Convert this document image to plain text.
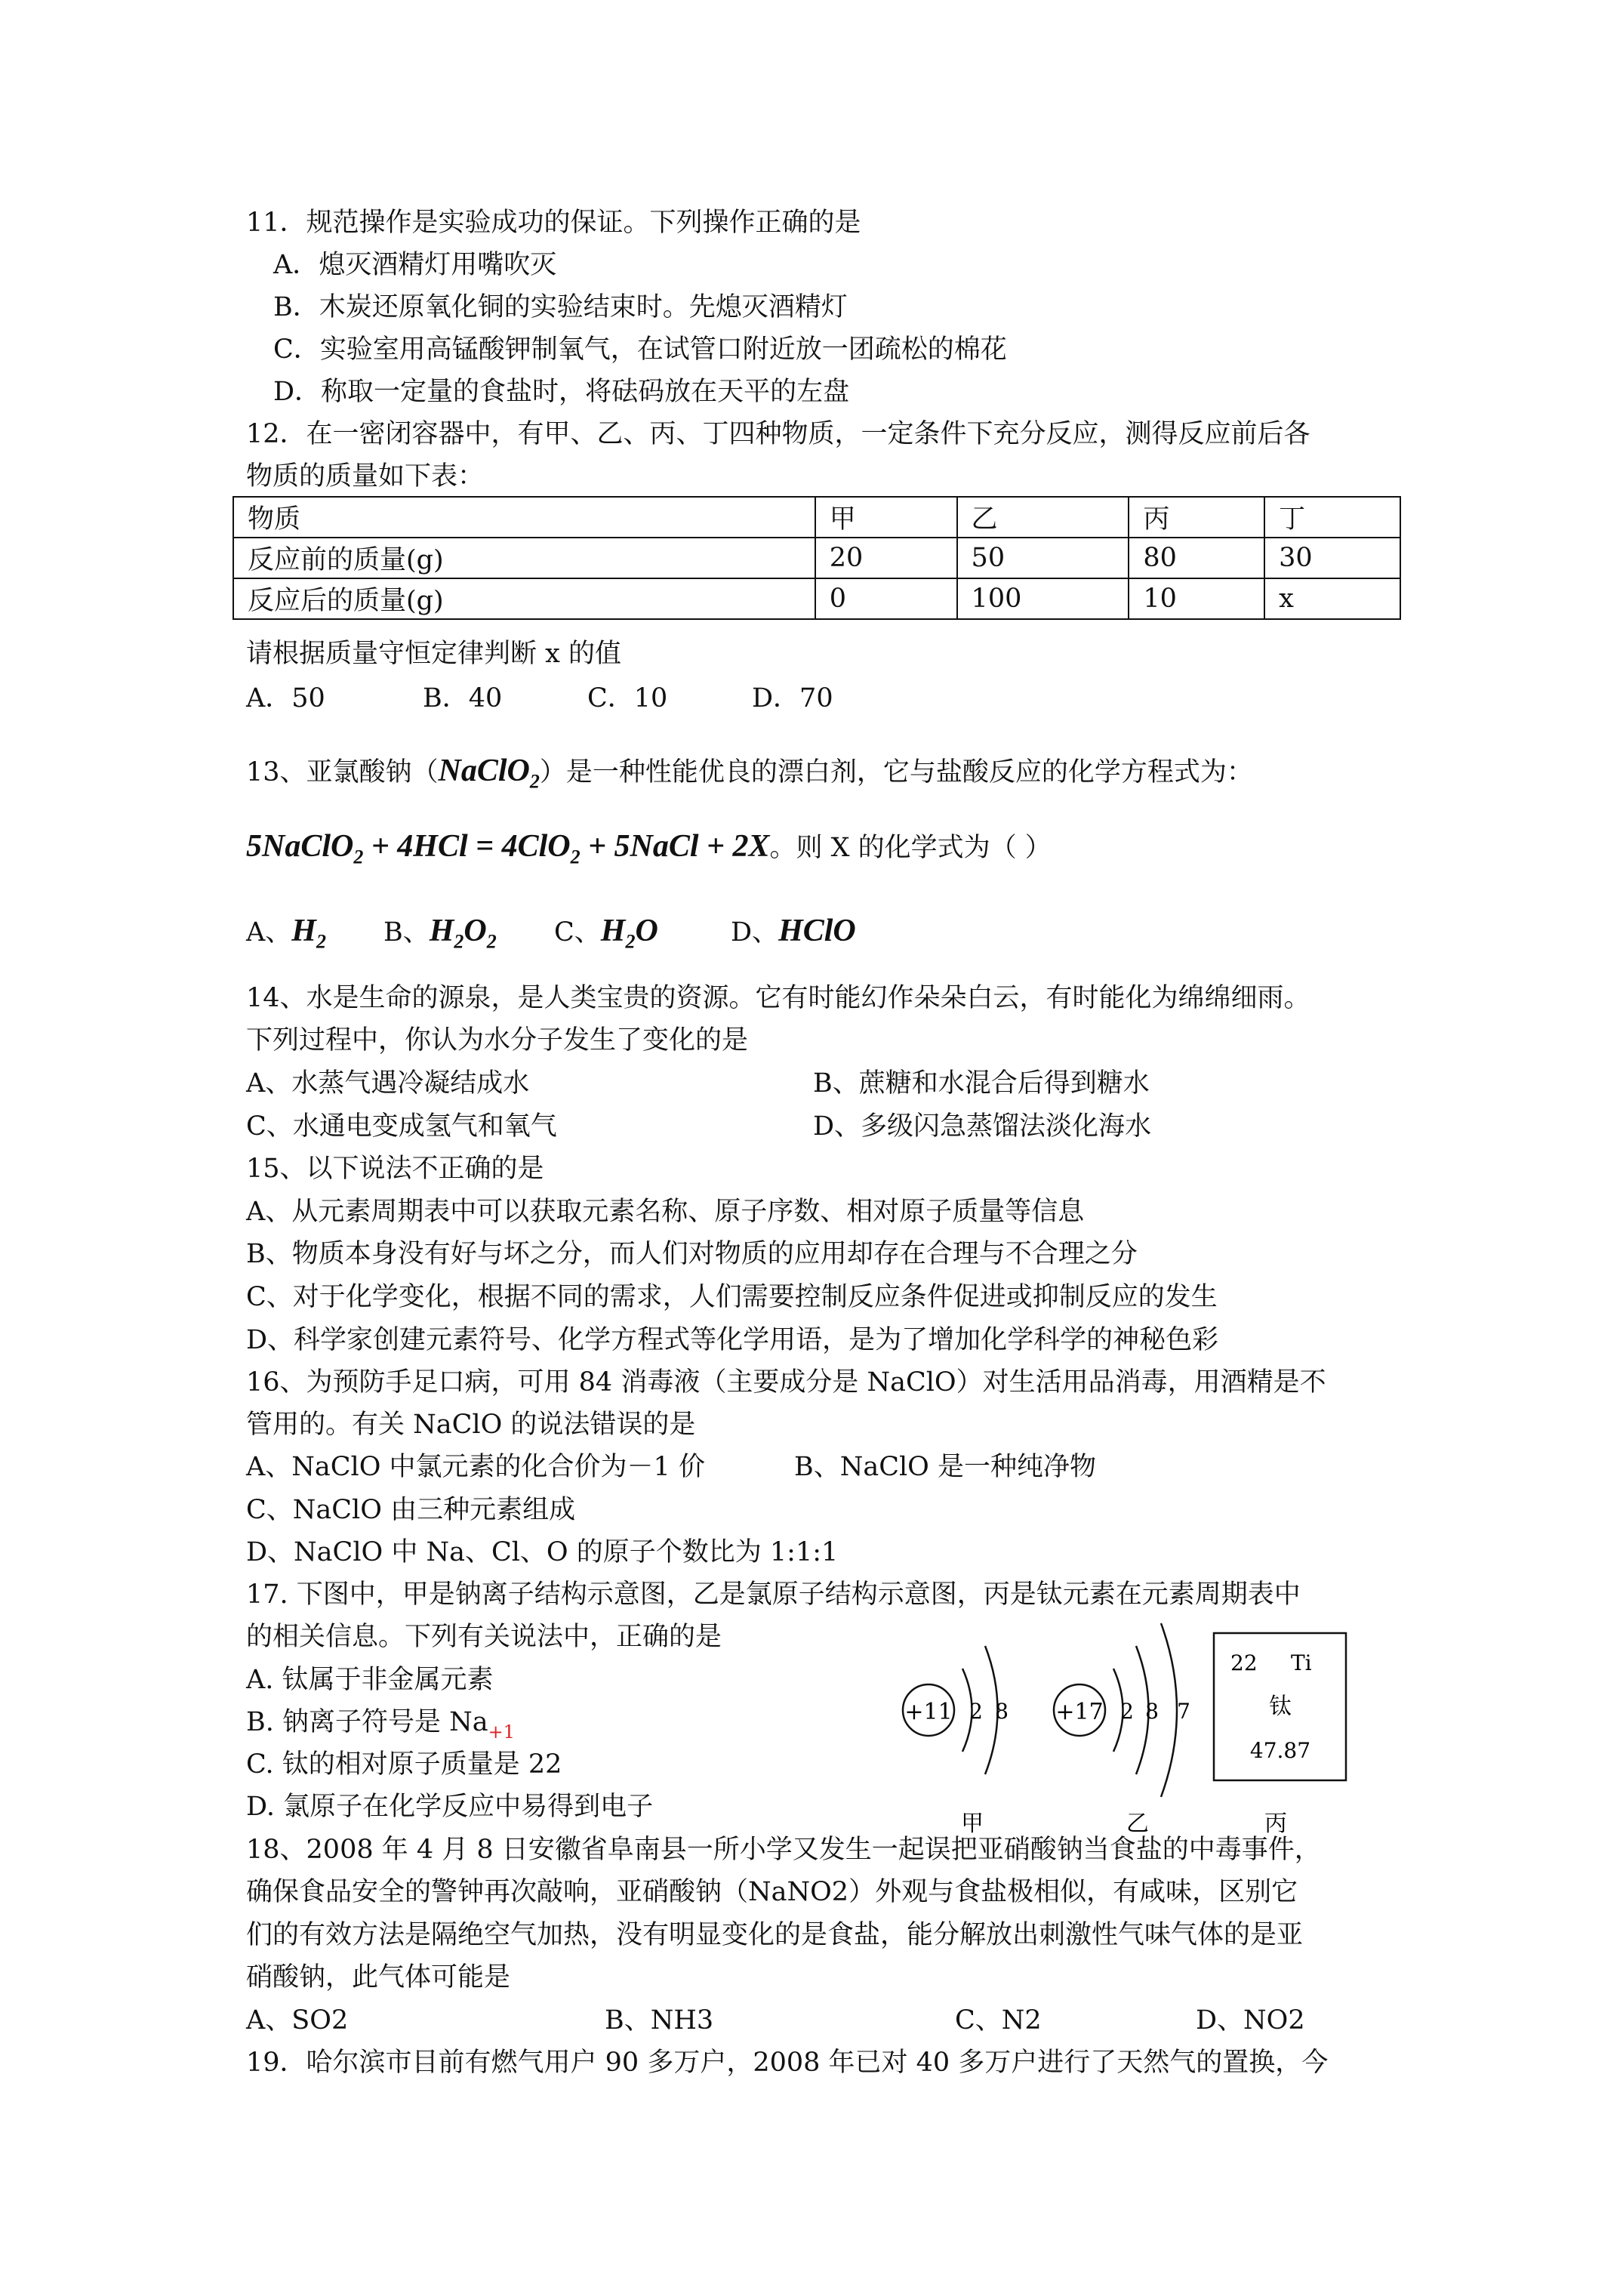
11．规范操作是实验成功的保证。下列操作正确的是
A．熄灭酒精灯用嘴吹灭
B．木炭还原氧化铜的实验结束时。先熄灭酒精灯
C．实验室用高锰酸钾制氧气，在试管口附近放一团疏松的棉花
D．称取一定量的食盐时，将砝码放在天平的左盘
12．在一密闭容器中，有甲、乙、丙、丁四种物质，一定条件下充分反应，测得反应前后各
物质的质量如下表：
物质	甲	乙	丙	丁
反应前的质量(g)	20	50	80	30
反应后的质量(g)	0	100	10	x
请根据质量守恒定律判断 x 的值
A．50	B．40	C．10	D．70
13、亚氯酸钠（NaClO$_2$）是一种性能优良的漂白剂，它与盐酸反应的化学方程式为：
5NaClO$_2$ + 4HCl = 4ClO$_2$ + 5NaCl + 2X。则 X 的化学式为（ ）
A、$H_2$ B、$H_2O_2$ C、$H_2O$	D、HClO
14、水是生命的源泉，是人类宝贵的资源。它有时能幻作朵朵白云，有时能化为绵绵细雨。
下列过程中，你认为水分子发生了变化的是
A、水蒸气遇冷凝结成水	B、蔗糖和水混合后得到糖水
C、水通电变成氢气和氧气	D、多级闪急蒸馏法淡化海水
15、以下说法不正确的是
A、从元素周期表中可以获取元素名称、原子序数、相对原子质量等信息
B、物质本身没有好与坏之分，而人们对物质的应用却存在合理与不合理之分
C、对于化学变化，根据不同的需求，人们需要控制反应条件促进或抑制反应的发生
D、科学家创建元素符号、化学方程式等化学用语，是为了增加化学科学的神秘色彩
16、为预防手足口病，可用 84 消毒液（主要成分是 NaClO）对生活用品消毒，用酒精是不
管用的。有关 NaClO 的说法错误的是
A、NaClO 中氯元素的化合价为－1 价	B、NaClO 是一种纯净物
C、NaClO 由三种元素组成
D、NaClO 中 Na、Cl、O 的原子个数比为 1:1:1
17. 下图中，甲是钠离子结构示意图，乙是氯原子结构示意图，丙是钛元素在元素周期表中
的相关信息。下列有关说法中，正确的是
A. 钛属于非金属元素
B. 钠离子符号是 $Na_{+1}$
C. 钛的相对原子质量是 22
D. 氯原子在化学反应中易得到电子
+11 2 8 +17 2 8 7
22 Ti
钛
47.87
甲	乙	丙
18、2008 年 4 月 8 日安徽省阜南县一所小学又发生一起误把亚硝酸钠当食盐的中毒事件，
确保食品安全的警钟再次敲响，亚硝酸钠（NaNO2）外观与食盐极相似，有咸味，区别它
们的有效方法是隔绝空气加热，没有明显变化的是食盐，能分解放出刺激性气味气体的是亚
硝酸钠，此气体可能是
A、SO2	B、NH3	C、N2	D、NO2
19．哈尔滨市目前有燃气用户 90 多万户，2008 年已对 40 多万户进行了天然气的置换，今
